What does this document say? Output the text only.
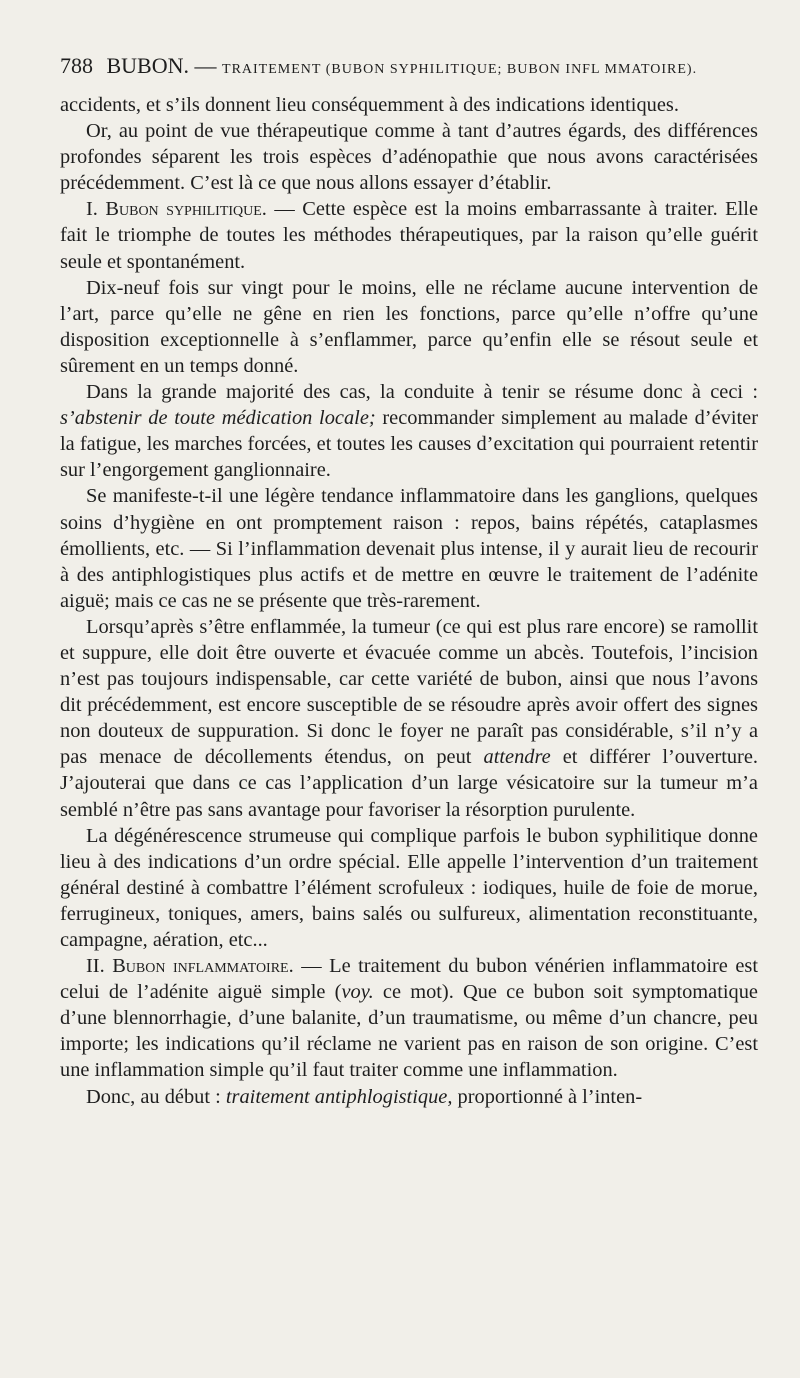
788 BUBON. — TRAITEMENT (BUBON SYPHILITIQUE; BUBON INFL MMATOIRE).

accidents, et s’ils donnent lieu conséquemment à des indications identiques.

Or, au point de vue thérapeutique comme à tant d’autres égards, des différences profondes séparent les trois espèces d’adénopathie que nous avons caractérisées précédemment. C’est là ce que nous allons essayer d’établir.

I. Bubon syphilitique. — Cette espèce est la moins embarrassante à traiter. Elle fait le triomphe de toutes les méthodes thérapeutiques, par la raison qu’elle guérit seule et spontanément.

Dix-neuf fois sur vingt pour le moins, elle ne réclame aucune intervention de l’art, parce qu’elle ne gêne en rien les fonctions, parce qu’elle n’offre qu’une disposition exceptionnelle à s’enflammer, parce qu’enfin elle se résout seule et sûrement en un temps donné.

Dans la grande majorité des cas, la conduite à tenir se résume donc à ceci : s’abstenir de toute médication locale; recommander simplement au malade d’éviter la fatigue, les marches forcées, et toutes les causes d’excitation qui pourraient retentir sur l’engorgement ganglionnaire.

Se manifeste-t-il une légère tendance inflammatoire dans les ganglions, quelques soins d’hygiène en ont promptement raison : repos, bains répétés, cataplasmes émollients, etc. — Si l’inflammation devenait plus intense, il y aurait lieu de recourir à des antiphlogistiques plus actifs et de mettre en œuvre le traitement de l’adénite aiguë; mais ce cas ne se présente que très-rarement.

Lorsqu’après s’être enflammée, la tumeur (ce qui est plus rare encore) se ramollit et suppure, elle doit être ouverte et évacuée comme un abcès. Toutefois, l’incision n’est pas toujours indispensable, car cette variété de bubon, ainsi que nous l’avons dit précédemment, est encore susceptible de se résoudre après avoir offert des signes non douteux de suppuration. Si donc le foyer ne paraît pas considérable, s’il n’y a pas menace de décollements étendus, on peut attendre et différer l’ouverture. J’ajouterai que dans ce cas l’application d’un large vésicatoire sur la tumeur m’a semblé n’être pas sans avantage pour favoriser la résorption purulente.

La dégénérescence strumeuse qui complique parfois le bubon syphilitique donne lieu à des indications d’un ordre spécial. Elle appelle l’intervention d’un traitement général destiné à combattre l’élément scrofuleux : iodiques, huile de foie de morue, ferrugineux, toniques, amers, bains salés ou sulfureux, alimentation reconstituante, campagne, aération, etc...

II. Bubon inflammatoire. — Le traitement du bubon vénérien inflammatoire est celui de l’adénite aiguë simple (voy. ce mot). Que ce bubon soit symptomatique d’une blennorrhagie, d’une balanite, d’un traumatisme, ou même d’un chancre, peu importe; les indications qu’il réclame ne varient pas en raison de son origine. C’est une inflammation simple qu’il faut traiter comme une inflammation.

Donc, au début : traitement antiphlogistique, proportionné à l’inten-
